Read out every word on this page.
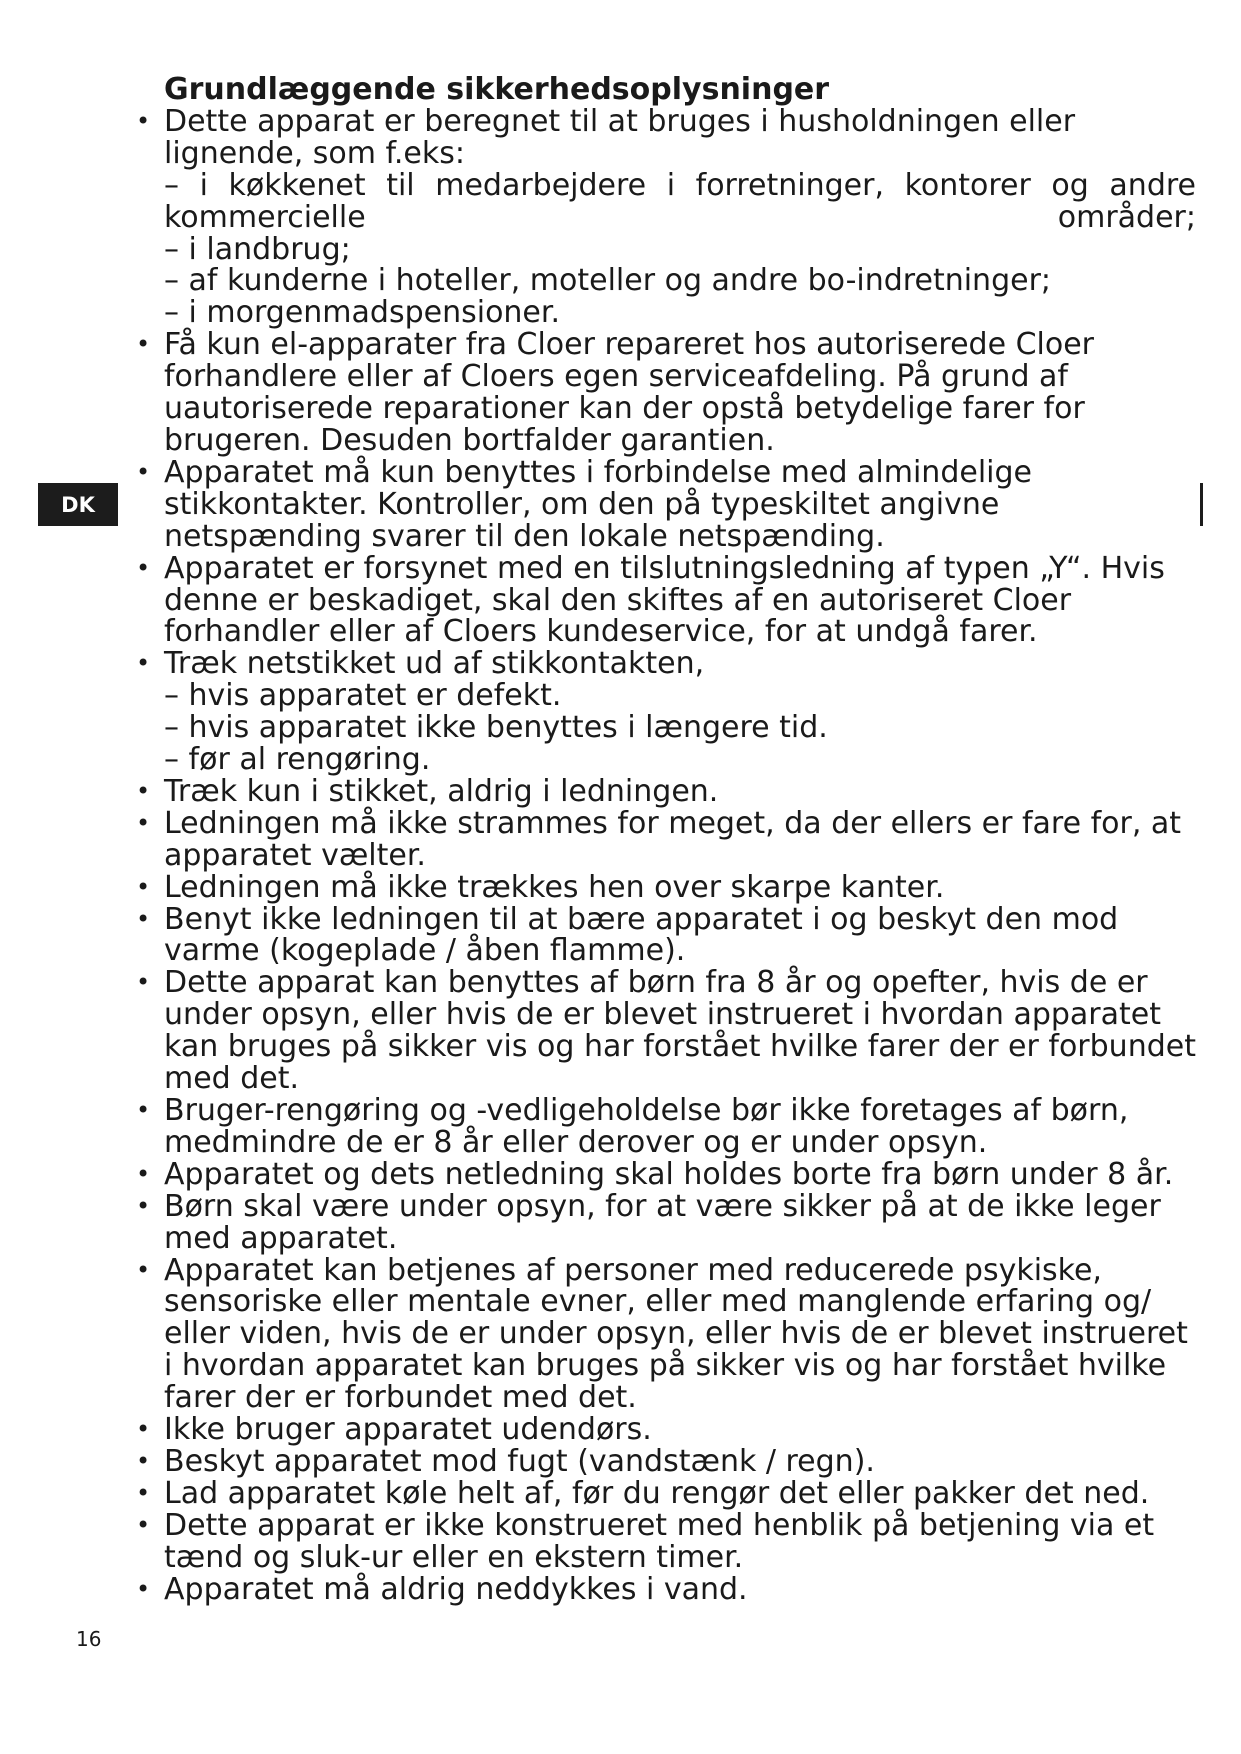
DK
Grundlæggende sikkerhedsoplysninger
• Dette apparat er beregnet til at bruges i husholdningen eller lignende, som f.eks:
– i køkkenet til medarbejdere i forretninger, kontorer og andre kommercielle områder;
– i landbrug;
– af kunderne i hoteller, moteller og andre bo-indretninger;
– i morgenmadspensioner.
• Få kun el-apparater fra Cloer repareret hos autoriserede Cloer forhandlere eller af Cloers egen serviceafdeling. På grund af uautoriserede reparationer kan der opstå betydelige farer for brugeren. Desuden bortfalder garantien.
• Apparatet må kun benyttes i forbindelse med almindelige stikkontakter. Kontroller, om den på typeskiltet angivne netspænding svarer til den lokale netspænding.
• Apparatet er forsynet med en tilslutningsledning af typen „Y“. Hvis denne er beskadiget, skal den skiftes af en autoriseret Cloer forhandler eller af Cloers kundeservice, for at undgå farer.
• Træk netstikket ud af stikkontakten,
– hvis apparatet er defekt.
– hvis apparatet ikke benyttes i længere tid.
– før al rengøring.
• Træk kun i stikket, aldrig i ledningen.
• Ledningen må ikke strammes for meget, da der ellers er fare for, at apparatet vælter.
• Ledningen må ikke trækkes hen over skarpe kanter.
• Benyt ikke ledningen til at bære apparatet i og beskyt den mod varme (kogeplade / åben flamme).
• Dette apparat kan benyttes af børn fra 8 år og opefter, hvis de er under opsyn, eller hvis de er blevet instrueret i hvordan apparatet kan bruges på sikker vis og har forstået hvilke farer der er forbundet med det.
• Bruger-rengøring og -vedligeholdelse bør ikke foretages af børn, medmindre de er 8 år eller derover og er under opsyn.
• Apparatet og dets netledning skal holdes borte fra børn under 8 år.
• Børn skal være under opsyn, for at være sikker på at de ikke leger med apparatet.
• Apparatet kan betjenes af personer med reducerede psykiske, sensoriske eller mentale evner, eller med manglende erfaring og/ eller viden, hvis de er under opsyn, eller hvis de er blevet instrueret i hvordan apparatet kan bruges på sikker vis og har forstået hvilke farer der er forbundet med det.
• Ikke bruger apparatet udendørs.
• Beskyt apparatet mod fugt (vandstænk / regn).
• Lad apparatet køle helt af, før du rengør det eller pakker det ned.
• Dette apparat er ikke konstrueret med henblik på betjening via et tænd og sluk-ur eller en ekstern timer.
• Apparatet må aldrig neddykkes i vand.
16
